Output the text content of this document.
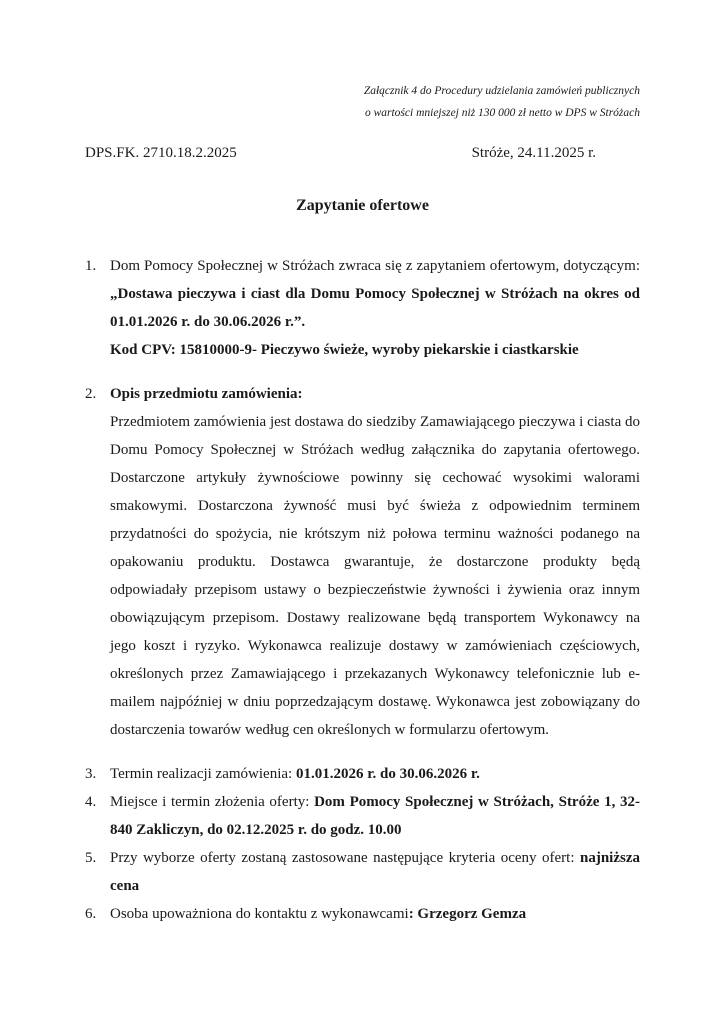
Załącznik 4 do Procedury udzielania zamówień publicznych
o wartości mniejszej niż 130 000 zł netto w DPS w Stróżach
DPS.FK. 2710.18.2.2025	Stróże, 24.11.2025 r.
Zapytanie ofertowe
1. Dom Pomocy Społecznej w Stróżach zwraca się z zapytaniem ofertowym, dotyczącym: „Dostawa pieczywa i ciast dla Domu Pomocy Społecznej w Stróżach na okres od 01.01.2026 r. do 30.06.2026 r.”.
Kod CPV: 15810000-9- Pieczywo świeże, wyroby piekarskie i ciastkarskie
2. Opis przedmiotu zamówienia:
Przedmiotem zamówienia jest dostawa do siedziby Zamawiającego pieczywa i ciasta do Domu Pomocy Społecznej w Stróżach według załącznika do zapytania ofertowego. Dostarczone artykuły żywnościowe powinny się cechować wysokimi walorami smakowymi. Dostarczona żywność musi być świeża z odpowiednim terminem przydatności do spożycia, nie krótszym niż połowa terminu ważności podanego na opakowaniu produktu. Dostawca gwarantuje, że dostarczone produkty będą odpowiadały przepisom ustawy o bezpieczeństwie żywności i żywienia oraz innym obowiązującym przepisom. Dostawy realizowane będą transportem Wykonawcy na jego koszt i ryzyko. Wykonawca realizuje dostawy w zamówieniach częściowych, określonych przez Zamawiającego i przekazanych Wykonawcy telefonicznie lub e-mailem najpóźniej w dniu poprzedzającym dostawę. Wykonawca jest zobowiązany do dostarczenia towarów według cen określonych w formularzu ofertowym.
3. Termin realizacji zamówienia: 01.01.2026 r. do 30.06.2026 r.
4. Miejsce i termin złożenia oferty: Dom Pomocy Społecznej w Stróżach, Stróże 1, 32-840 Zakliczyn, do 02.12.2025 r. do godz. 10.00
5. Przy wyborze oferty zostaną zastosowane następujące kryteria oceny ofert: najniższa cena
6. Osoba upoważniona do kontaktu z wykonawcami: Grzegorz Gemza
